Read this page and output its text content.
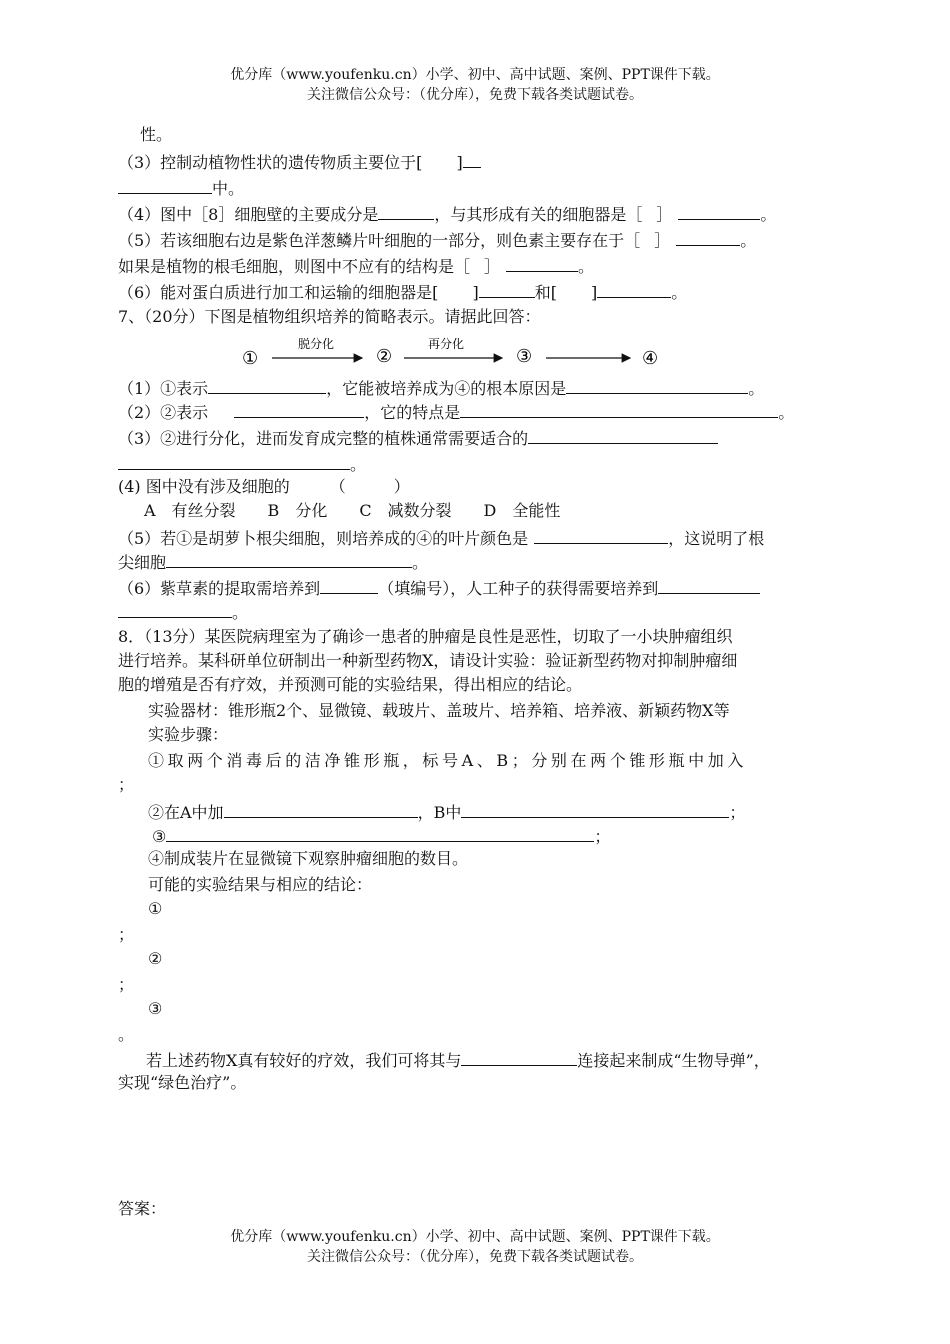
优分库（www.youfenku.cn）小学、初中、高中试题、案例、PPT课件下载。
关注微信公众号：（优分库），免费下载各类试题试卷。
性。
（3）控制动植物性状的遗传物质主要位于[ ]
中。
（4）图中［8］细胞壁的主要成分是	，与其形成有关的细胞器是［ ］	。
（5）若该细胞右边是紫色洋葱鳞片叶细胞的一部分，则色素主要存在于［ ］	。
如果是植物的根毛细胞，则图中不应有的结构是［ ］	。
（6）能对蛋白质进行加工和运输的细胞器是[ ]	和[ ]	。
7、（20分）下图是植物组织培养的简略表示。请据此回答：
①
脱分化
②
再分化
③	④
（1）①表示	，它能被培养成为④的根本原因是	。
（2）②表示	，它的特点是	。
（3）②进行分化，进而发育成完整的植株通常需要适合的
。
(4) 图中没有涉及细胞的　　　（　　　）
A　有丝分裂　　B　分化　　C　减数分裂　　D　全能性
（5）若①是胡萝卜根尖细胞，则培养成的④的叶片颜色是	，这说明了根
尖细胞	。
（6）紫草素的提取需培养到	（填编号），人工种子的获得需要培养到
。
8．（13分）某医院病理室为了确诊一患者的肿瘤是良性是恶性，切取了一小块肿瘤组织
进行培养。某科研单位研制出一种新型药物X，请设计实验：验证新型药物对抑制肿瘤细
胞的增殖是否有疗效，并预测可能的实验结果，得出相应的结论。
实验器材：锥形瓶2个、显微镜、载玻片、盖玻片、培养箱、培养液、新颖药物X等
实验步骤：
①取两个消毒后的洁净锥形瓶，标号A、B；分别在两个锥形瓶中加入
；
②在A中加	，B中	；
③	；
④制成装片在显微镜下观察肿瘤细胞的数目。
可能的实验结果与相应的结论：
①
；
②
；
③
。
若上述药物X真有较好的疗效，我们可将其与	连接起来制成“生物导弹”，
实现“绿色治疗”。
答案：
优分库（www.youfenku.cn）小学、初中、高中试题、案例、PPT课件下载。
关注微信公众号：（优分库），免费下载各类试题试卷。
